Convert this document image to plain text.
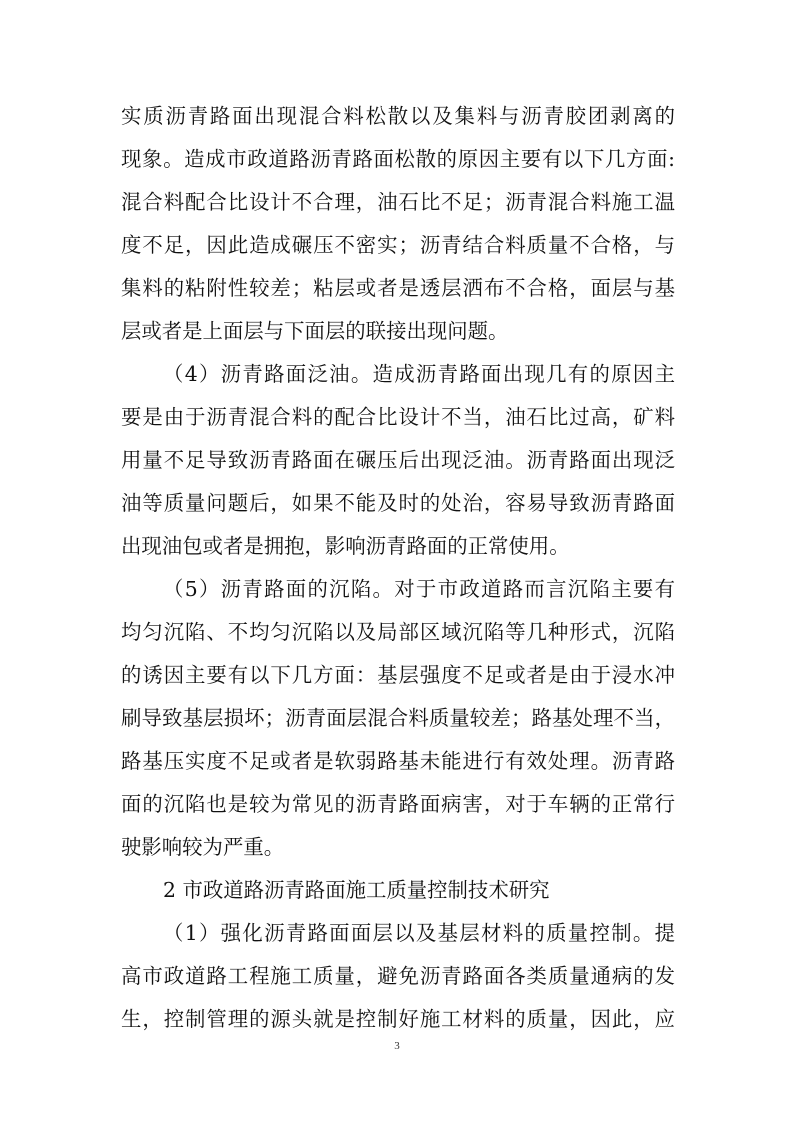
实质沥青路面出现混合料松散以及集料与沥青胶团剥离的
现象。造成市政道路沥青路面松散的原因主要有以下几方面:
混合料配合比设计不合理，油石比不足；沥青混合料施工温
度不足，因此造成碾压不密实；沥青结合料质量不合格，与
集料的粘附性较差；粘层或者是透层洒布不合格，面层与基
层或者是上面层与下面层的联接出现问题。
（4）沥青路面泛油。造成沥青路面出现几有的原因主
要是由于沥青混合料的配合比设计不当，油石比过高，矿料
用量不足导致沥青路面在碾压后出现泛油。沥青路面出现泛
油等质量问题后，如果不能及时的处治，容易导致沥青路面
出现油包或者是拥抱，影响沥青路面的正常使用。
（5）沥青路面的沉陷。对于市政道路而言沉陷主要有
均匀沉陷、不均匀沉陷以及局部区域沉陷等几种形式，沉陷
的诱因主要有以下几方面：基层强度不足或者是由于浸水冲
刷导致基层损坏；沥青面层混合料质量较差；路基处理不当，
路基压实度不足或者是软弱路基未能进行有效处理。沥青路
面的沉陷也是较为常见的沥青路面病害，对于车辆的正常行
驶影响较为严重。
2 市政道路沥青路面施工质量控制技术研究
（1）强化沥青路面面层以及基层材料的质量控制。提
高市政道路工程施工质量，避免沥青路面各类质量通病的发
生，控制管理的源头就是控制好施工材料的质量，因此，应
3
